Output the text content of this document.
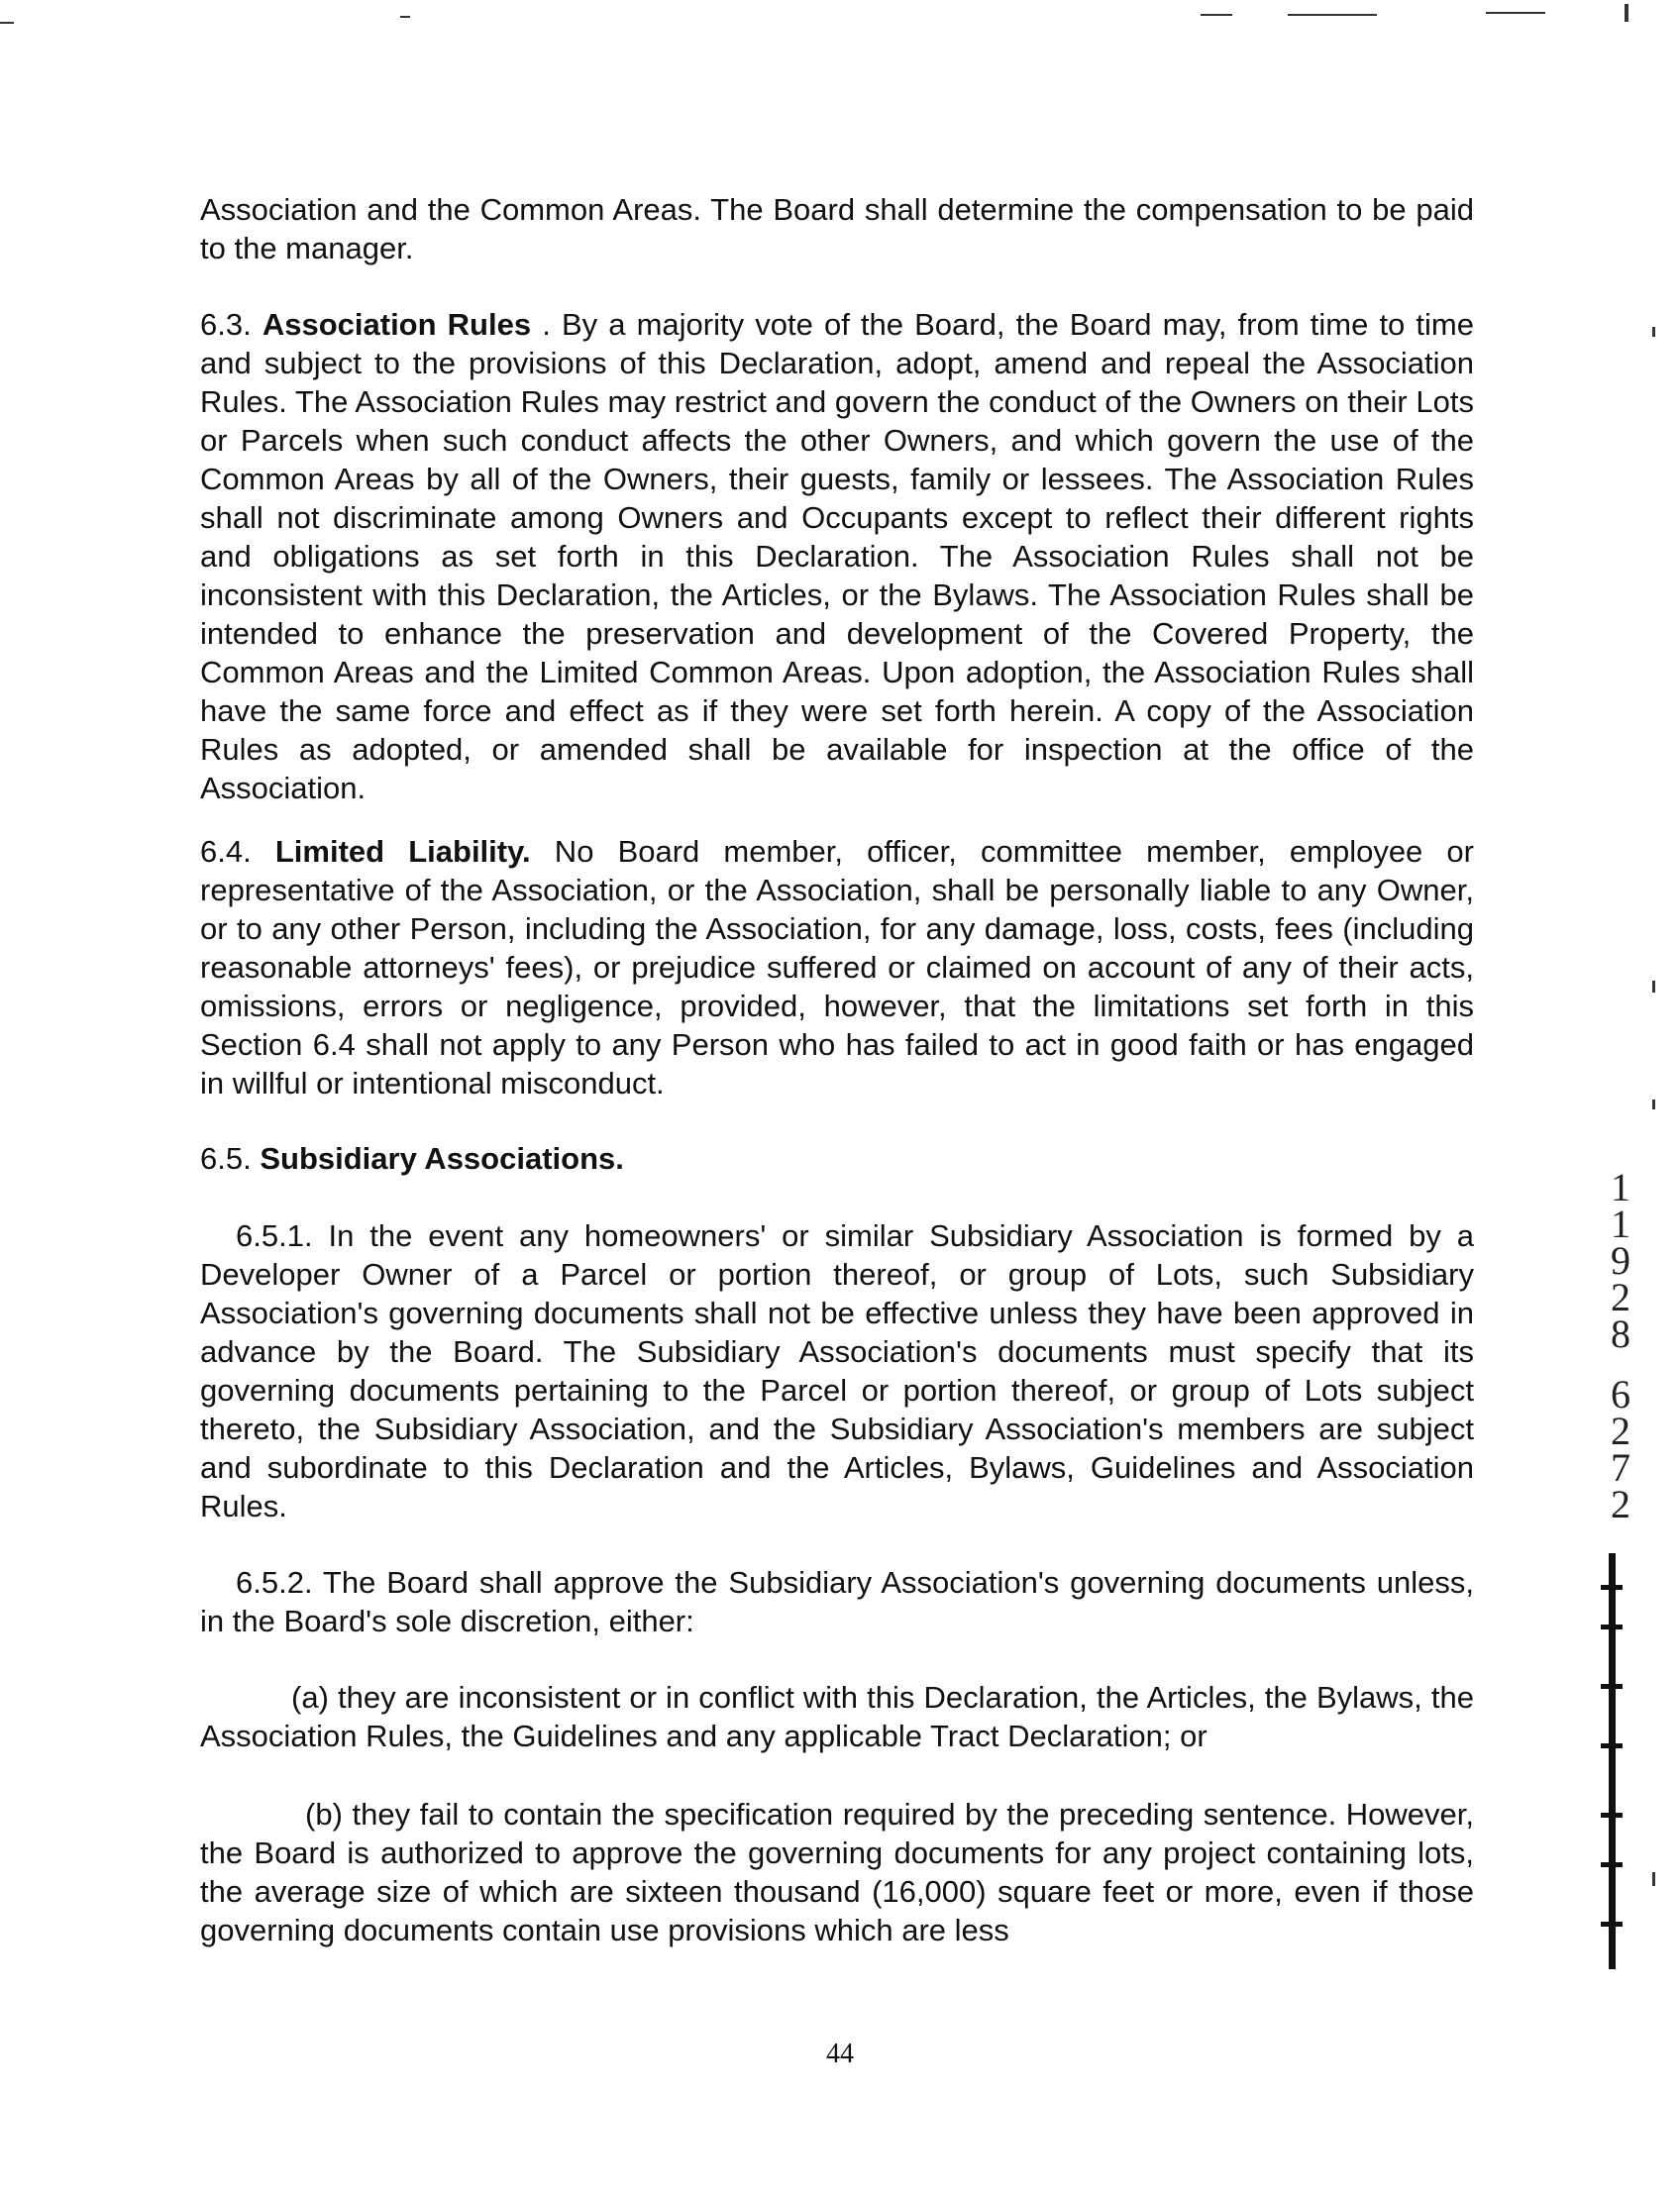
Association and the Common Areas. The Board shall determine the compensation to be paid to the manager.

6.3. Association Rules . By a majority vote of the Board, the Board may, from time to time and subject to the provisions of this Declaration, adopt, amend and repeal the Association Rules. The Association Rules may restrict and govern the conduct of the Owners on their Lots or Parcels when such conduct affects the other Owners, and which govern the use of the Common Areas by all of the Owners, their guests, family or lessees. The Association Rules shall not discriminate among Owners and Occupants except to reflect their different rights and obligations as set forth in this Declaration. The Association Rules shall not be inconsistent with this Declaration, the Articles, or the Bylaws. The Association Rules shall be intended to enhance the preservation and development of the Covered Property, the Common Areas and the Limited Common Areas. Upon adoption, the Association Rules shall have the same force and effect as if they were set forth herein. A copy of the Association Rules as adopted, or amended shall be available for inspection at the office of the Association.

6.4. Limited Liability. No Board member, officer, committee member, employee or representative of the Association, or the Association, shall be personally liable to any Owner, or to any other Person, including the Association, for any damage, loss, costs, fees (including reasonable attorneys' fees), or prejudice suffered or claimed on account of any of their acts, omissions, errors or negligence, provided, however, that the limitations set forth in this Section 6.4 shall not apply to any Person who has failed to act in good faith or has engaged in willful or intentional misconduct.

6.5. Subsidiary Associations.

6.5.1. In the event any homeowners' or similar Subsidiary Association is formed by a Developer Owner of a Parcel or portion thereof, or group of Lots, such Subsidiary Association's governing documents shall not be effective unless they have been approved in advance by the Board. The Subsidiary Association's documents must specify that its governing documents pertaining to the Parcel or portion thereof, or group of Lots subject thereto, the Subsidiary Association, and the Subsidiary Association's members are subject and subordinate to this Declaration and the Articles, Bylaws, Guidelines and Association Rules.

6.5.2. The Board shall approve the Subsidiary Association's governing documents unless, in the Board's sole discretion, either:

(a) they are inconsistent or in conflict with this Declaration, the Articles, the Bylaws, the Association Rules, the Guidelines and any applicable Tract Declaration; or

(b) they fail to contain the specification required by the preceding sentence. However, the Board is authorized to approve the governing documents for any project containing lots, the average size of which are sixteen thousand (16,000) square feet or more, even if those governing documents contain use provisions which are less

44
1
1
9
2
8
6
2
7
2
